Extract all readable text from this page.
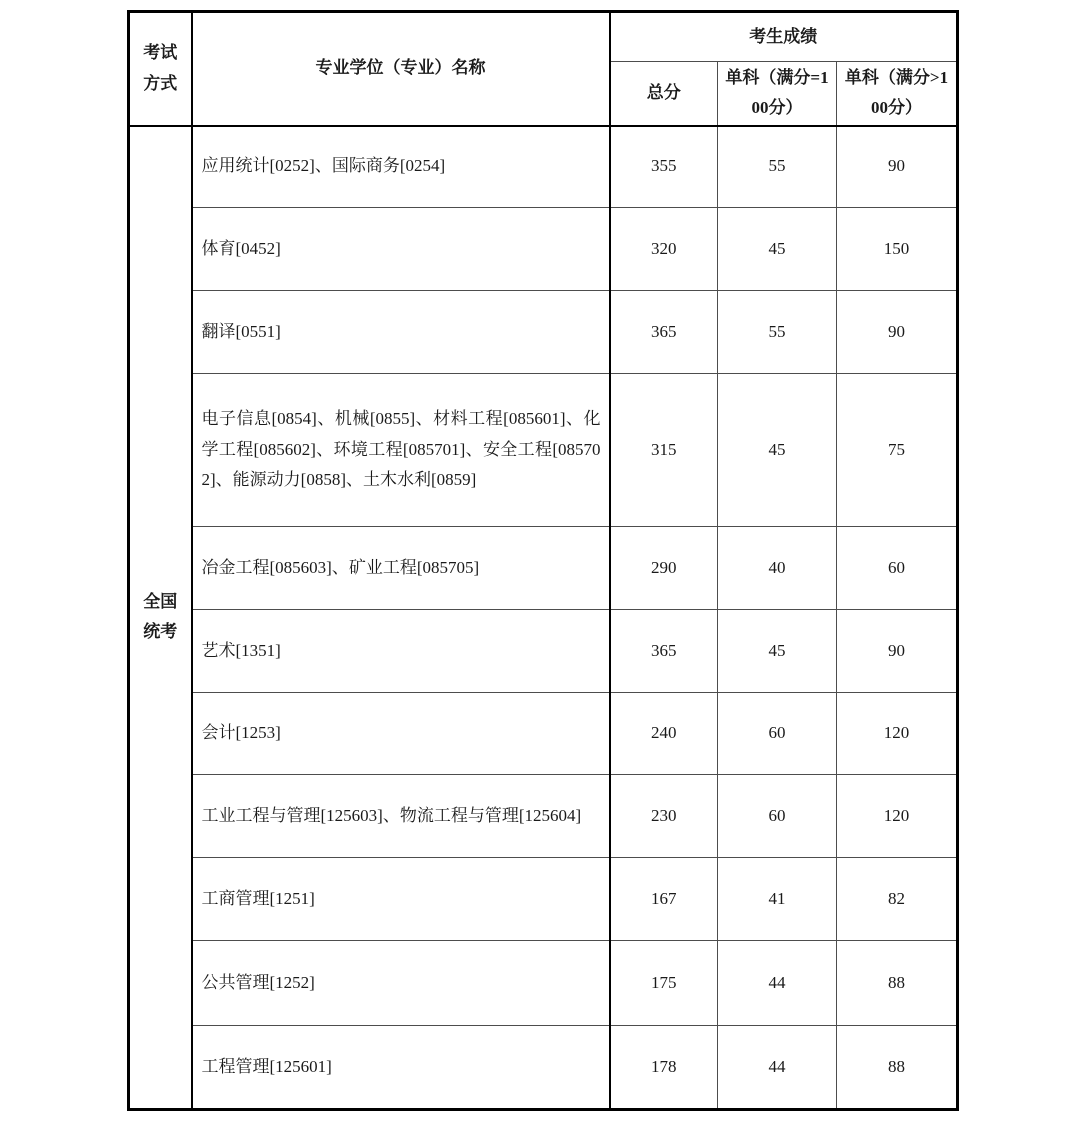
考试方式	专业学位（专业）名称	考生成绩		
		总分	单科（满分=100分）	单科（满分>100分）
全国统考	应用统计[0252]、国际商务[0254]	355	55	90
	体育[0452]	320	45	150
	翻译[0551]	365	55	90
	电子信息[0854]、机械[0855]、材料工程[085601]、化学工程[085602]、环境工程[085701]、安全工程[085702]、能源动力[0858]、土木水利[0859]	315	45	75
	冶金工程[085603]、矿业工程[085705]	290	40	60
	艺术[1351]	365	45	90
	会计[1253]	240	60	120
	工业工程与管理[125603]、物流工程与管理[125604]	230	60	120
	工商管理[1251]	167	41	82
	公共管理[1252]	175	44	88
	工程管理[125601]	178	44	88
